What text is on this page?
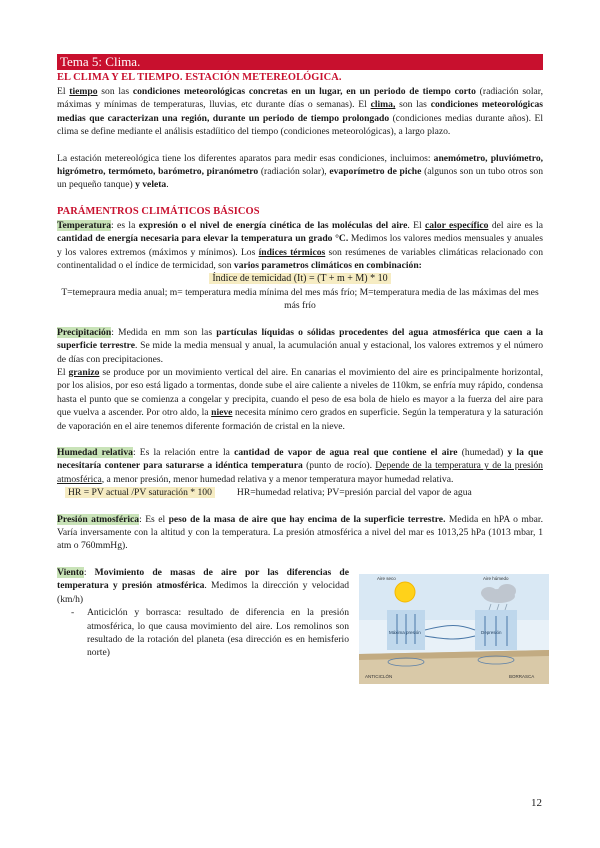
Tema 5: Clima.
EL CLIMA Y EL TIEMPO. ESTACIÓN METEREOLÓGICA.

El tiempo son las condiciones meteorológicas concretas en un lugar, en un periodo de tiempo corto (radiación solar, máximas y mínimas de temperaturas, lluvias, etc durante días o semanas). El clima, son las condiciones meteorológicas medias que caracterizan una región, durante un periodo de tiempo prolongado (condiciones medias durante años). El clima se define mediante el análisis estadíitico del tiempo (condiciones meteorológicas), a largo plazo.

La estación metereológica tiene los diferentes aparatos para medir esas condiciones, incluimos: anemómetro, pluviómetro, higrómetro, termómeto, barómetro, piranómetro (radiación solar), evaporímetro de piche (algunos son un tubo otros son un pequeño tanque) y veleta.

PARÁMENTROS CLIMÁTICOS BÁSICOS

Temperatura: es la expresión o el nivel de energía cinética de las moléculas del aire. El calor específico del aire es la cantidad de energía necesaria para elevar la temperatura un grado °C. Medimos los valores medios mensuales y anuales y los valores extremos (máximos y mínimos). Los índices térmicos son resúmenes de variables climáticas relacionado con continentalidad o el índice de termicidad, son varios parametros climáticos en combinación:

Índice de temicidad (It) = (T + m + M) * 10

T=temepraura media anual; m= temperatura media mínima del mes más frío; M=temperatura media de las máximas del mes más frío

Precipitación: Medida en mm son las partículas líquidas o sólidas procedentes del agua atmosférica que caen a la superficie terrestre. Se mide la media mensual y anual, la acumulación anual y estacional, los valores extremos y el número de días con precipitaciones.

El granizo se produce por un movimiento vertical del aire. En canarias el movimiento del aire es principalmente horizontal, por los alisios, por eso está ligado a tormentas, donde sube el aire caliente a niveles de 110km, se enfría muy rápido, condensa hasta el punto que se comienza a congelar y precipita, cuando el peso de esa bola de hielo es mayor a la fuerza del aire para que vuelva a ascender. Por otro aldo, la nieve necesita mínimo cero grados en superficie. Según la temperatura y la saturación de vaporación en el aire tenemos diferente formación de cristal en la nieve.

Humedad relativa: Es la relación entre la cantidad de vapor de agua real que contiene el aire (humedad) y la que necesitaría contener para saturarse a idéntica temperatura (punto de rocío). Depende de la temperatura y de la presión atmosférica, a menor presión, menor humedad relativa y a menor temperatura mayor humedad relativa.

HR = PV actual /PV saturación * 100	HR=humedad relativa; PV=presión parcial del vapor de agua

Presión atmosférica: Es el peso de la masa de aire que hay encima de la superficie terrestre. Medida en hPA o mbar. Varía inversamente con la altitud y con la temperatura. La presión atmosférica a nivel del mar es 1013,25 hPa (1013 mbar, 1 atm o 760mmHg).

Viento: Movimiento de masas de aire por las diferencias de temperatura y presión atmosférica. Medimos la dirección y velocidad (km/h)

- Anticiclón y borrasca: resultado de diferencia en la presión atmosférica, lo que causa movimiento del aire. Los remolinos son resultado de la rotación del planeta (esa dirección es en hemisferio norte)
Aire seco	Aire húmedo
Máxima presión	Depresión
ANTICICLÓN	BORRASCA
12
